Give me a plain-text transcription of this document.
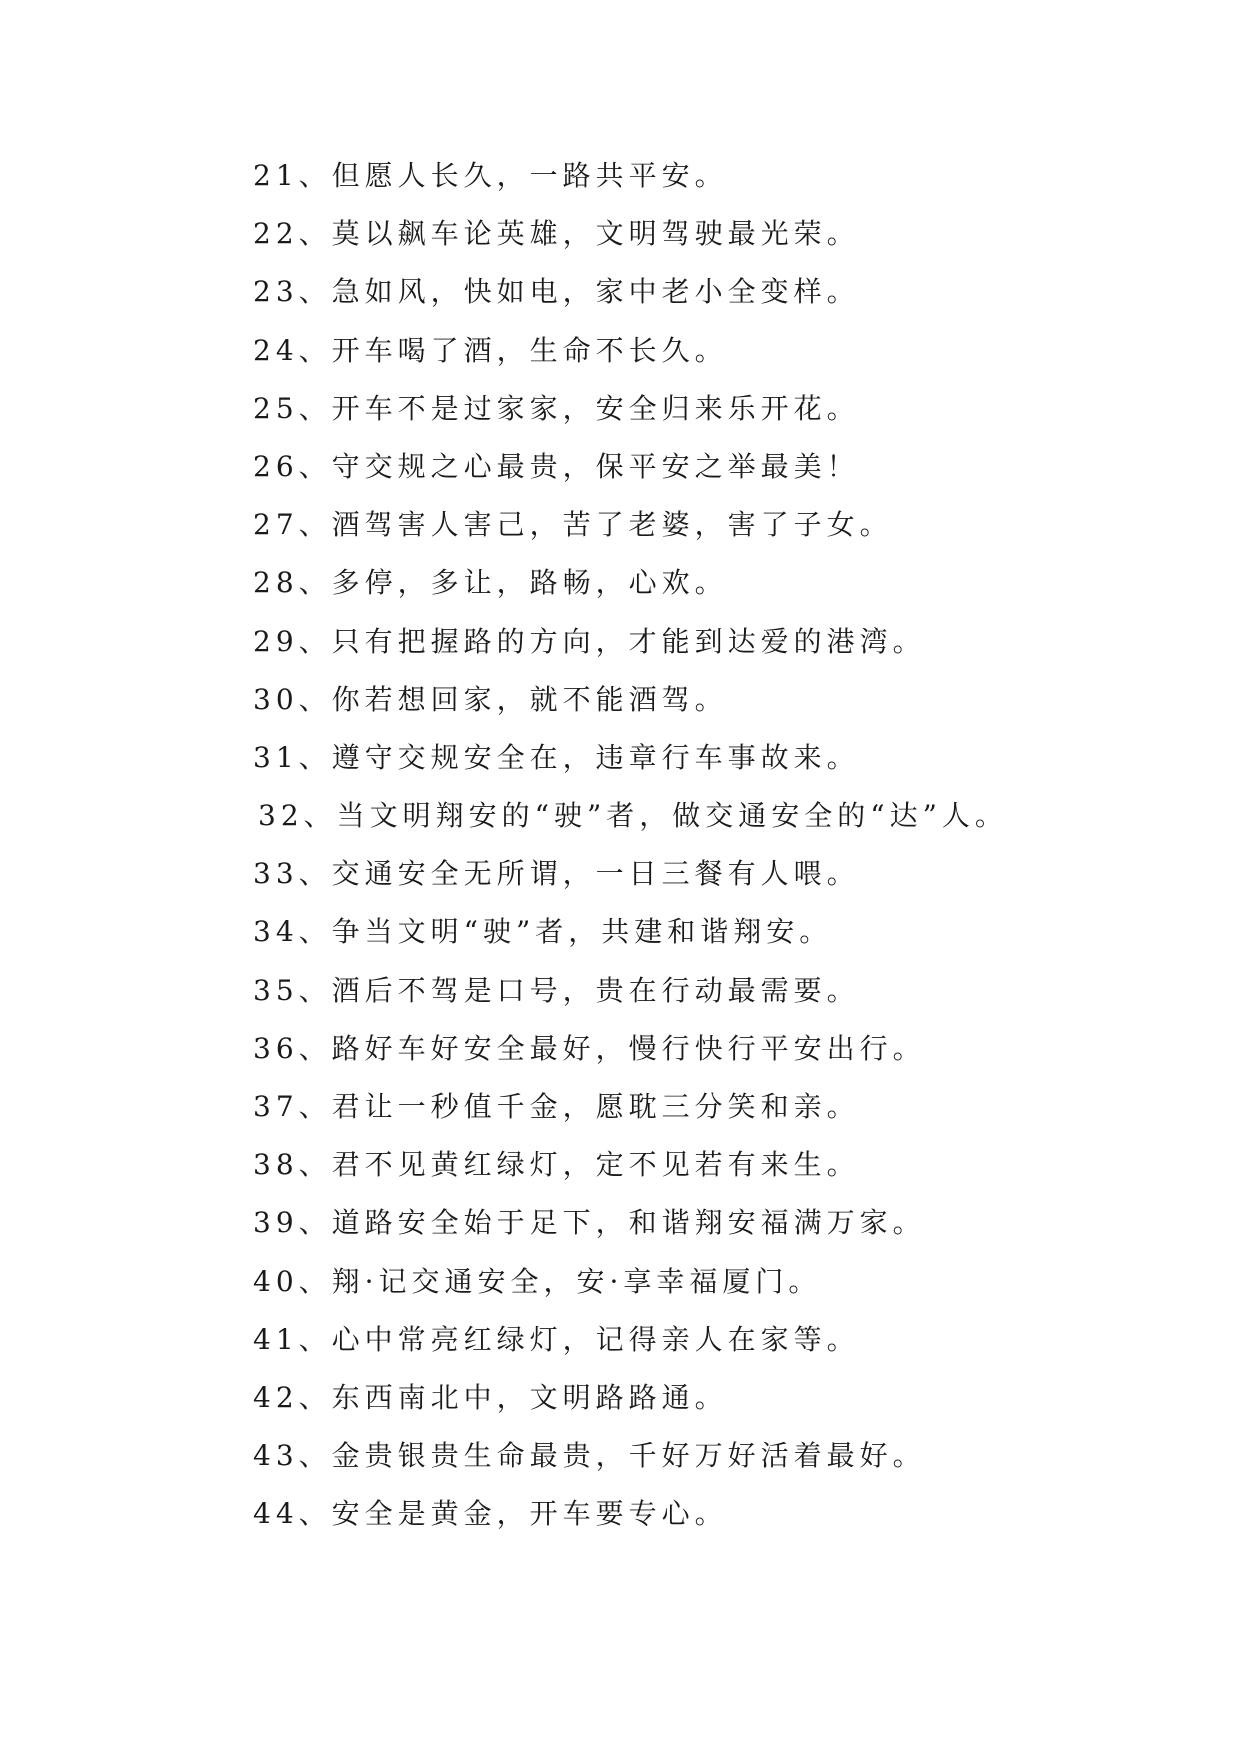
21、但愿人长久，一路共平安。
22、莫以飙车论英雄，文明驾驶最光荣。
23、急如风，快如电，家中老小全变样。
24、开车喝了酒，生命不长久。
25、开车不是过家家，安全归来乐开花。
26、守交规之心最贵，保平安之举最美！
27、酒驾害人害己，苦了老婆，害了子女。
28、多停，多让，路畅，心欢。
29、只有把握路的方向，才能到达爱的港湾。
30、你若想回家，就不能酒驾。
31、遵守交规安全在，违章行车事故来。
32、当文明翔安的“驶”者，做交通安全的“达”人。
33、交通安全无所谓，一日三餐有人喂。
34、争当文明“驶”者，共建和谐翔安。
35、酒后不驾是口号，贵在行动最需要。
36、路好车好安全最好，慢行快行平安出行。
37、君让一秒值千金，愿耽三分笑和亲。
38、君不见黄红绿灯，定不见若有来生。
39、道路安全始于足下，和谐翔安福满万家。
40、翔·记交通安全，安·享幸福厦门。
41、心中常亮红绿灯，记得亲人在家等。
42、东西南北中，文明路路通。
43、金贵银贵生命最贵，千好万好活着最好。
44、安全是黄金，开车要专心。
